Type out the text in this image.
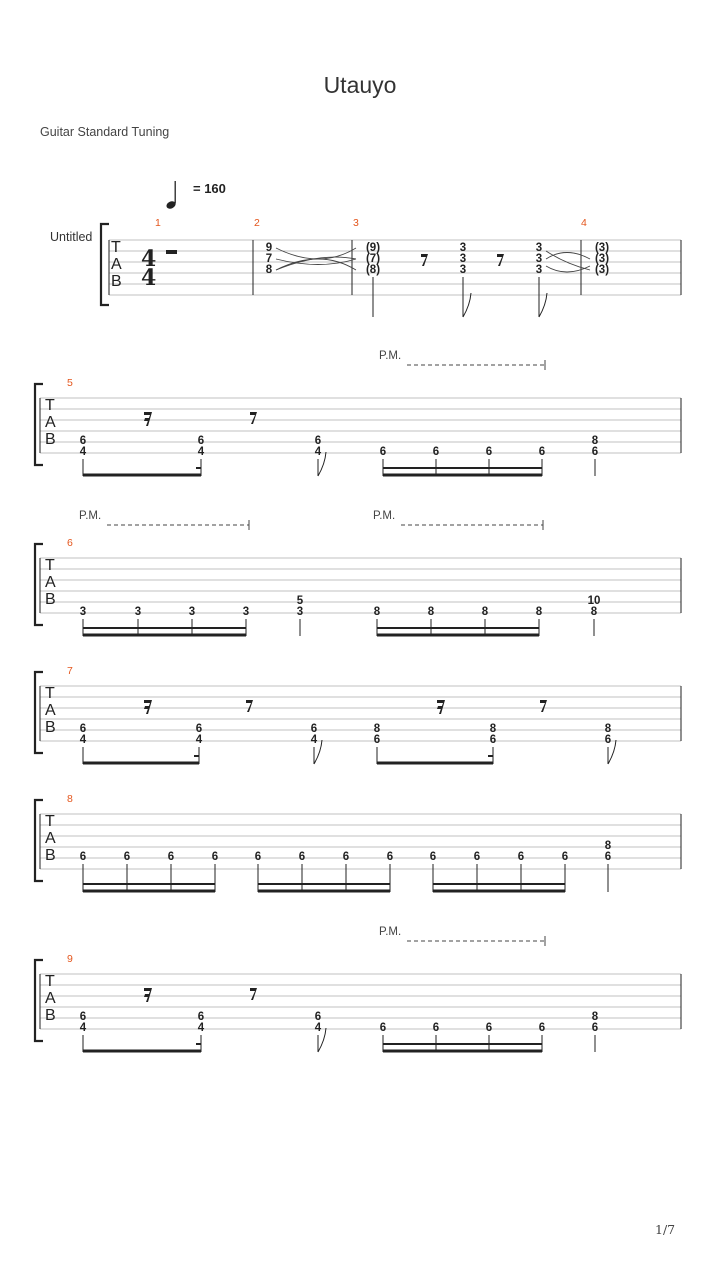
Utauyo
Guitar Standard Tuning
= 160
1/7
Untitled
T
A
B
4
4
1	2	3	4
9
7
8
(9)
(7)
(8)
3
3
3
3
3
3
(3)
(3)
(3)
T
A
B
5
P.M.
6
4
6
4
6
4	6	6	6	6
8
6
T
A
B
6
P.M.	P.M.
3	3	3	3
5
3	8	8	8	8
10
8
T
A
B
7
6
4
6
4
6
4
8
6
8
6
8
6
T
A
B
8
6	6	6	6	6	6	6	6	6	6	6	6
8
6
T
A
B
9
P.M.
6
4
6
4
6
4	6	6	6	6
8
6
